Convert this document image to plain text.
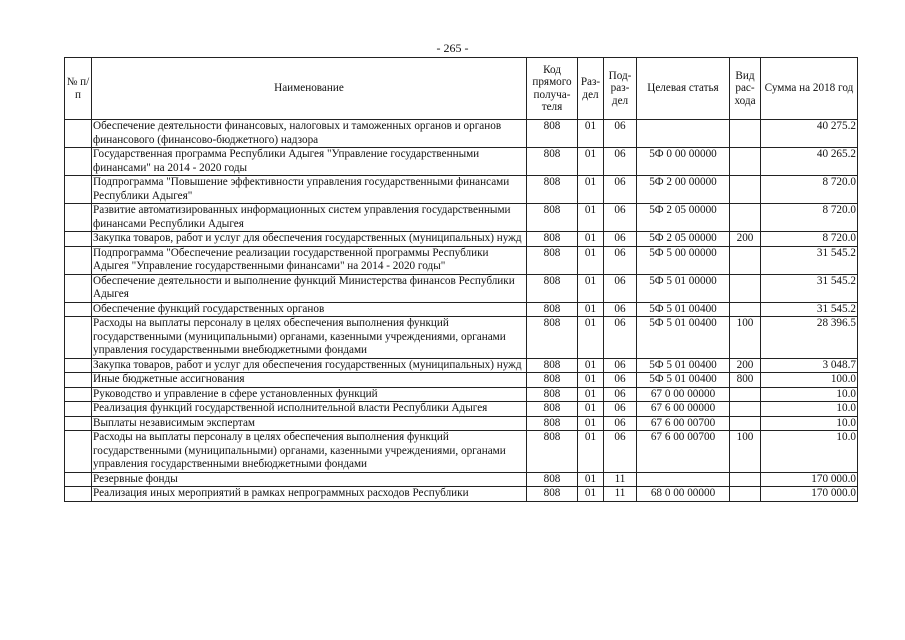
- 265 -
№ п/п	Наименование	Код прямого получа-теля	Раз-дел	Под-раз-дел	Целевая статья	Вид рас-хода	Сумма на 2018 год
	Обеспечение деятельности финансовых, налоговых и таможенных органов и органов финансового (финансово-бюджетного) надзора	808	01	06			40 275.2
	Государственная программа Республики Адыгея "Управление государственными финансами" на 2014 - 2020 годы	808	01	06	5Ф 0 00 00000		40 265.2
	Подпрограмма "Повышение эффективности управления государственными финансами Республики Адыгея"	808	01	06	5Ф 2 00 00000		8 720.0
	Развитие автоматизированных информационных систем управления государственными финансами Республики Адыгея	808	01	06	5Ф 2 05 00000		8 720.0
	Закупка товаров, работ и услуг для обеспечения государственных (муниципальных) нужд	808	01	06	5Ф 2 05 00000	200	8 720.0
	Подпрограмма "Обеспечение реализации государственной программы Республики Адыгея "Управление государственными финансами" на 2014 - 2020 годы"	808	01	06	5Ф 5 00 00000		31 545.2
	Обеспечение деятельности и выполнение функций Министерства финансов Республики Адыгея	808	01	06	5Ф 5 01 00000		31 545.2
	Обеспечение функций государственных органов	808	01	06	5Ф 5 01 00400		31 545.2
	Расходы на выплаты персоналу в целях обеспечения выполнения функций государственными (муниципальными) органами, казенными учреждениями, органами управления государственными внебюджетными фондами	808	01	06	5Ф 5 01 00400	100	28 396.5
	Закупка товаров, работ и услуг для обеспечения государственных (муниципальных) нужд	808	01	06	5Ф 5 01 00400	200	3 048.7
	Иные бюджетные ассигнования	808	01	06	5Ф 5 01 00400	800	100.0
	Руководство и управление в сфере установленных функций	808	01	06	67 0 00 00000		10.0
	Реализация функций государственной исполнительной власти Республики Адыгея	808	01	06	67 6 00 00000		10.0
	Выплаты независимым экспертам	808	01	06	67 6 00 00700		10.0
	Расходы на выплаты персоналу в целях обеспечения выполнения функций государственными (муниципальными) органами, казенными учреждениями, органами управления государственными внебюджетными фондами	808	01	06	67 6 00 00700	100	10.0
	Резервные фонды	808	01	11			170 000.0
	Реализация иных мероприятий в рамках непрограммных расходов Республики	808	01	11	68 0 00 00000		170 000.0
